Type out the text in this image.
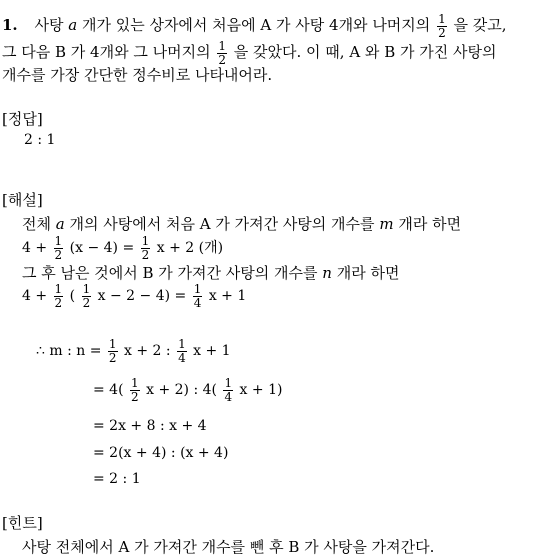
1. 사탕 a 개가 있는 상자에서 처음에 A 가 사탕 4개와 나머지의 $\frac{1}{2}$ 을 갖고,
그 다음 B 가 4개와 그 나머지의 $\frac{1}{2}$ 을 갖았다. 이 때, A 와 B 가 가진 사탕의
개수를 가장 간단한 정수비로 나타내어라.
[정답]
2 : 1
[해설]
전체 a 개의 사탕에서 처음 A 가 가져간 사탕의 개수를 m 개라 하면
$4 + \frac{1}{2} (x - 4) = \frac{1}{2}$ x + 2 (개)
그 후 남은 것에서 B 가 가져간 사탕의 개수를 n 개라 하면
$4 + \frac{1}{2}$ ( $\frac{1}{2}$ $x - 2 - 4) = \frac{1}{4}$ x + 1
∴ m : $n = \frac{1}{2}$ x + 2 : $\frac{1}{4}$ x + 1
= $4( \frac{1}{2}$ x + 2) : $4( \frac{1}{4}$ x + 1)
= 2x + 8 : x + 4
= 2(x + 4) : (x + 4)
= 2 : 1
[힌트]
사탕 전체에서 A 가 가져간 개수를 뺀 후 B 가 사탕을 가져간다.
